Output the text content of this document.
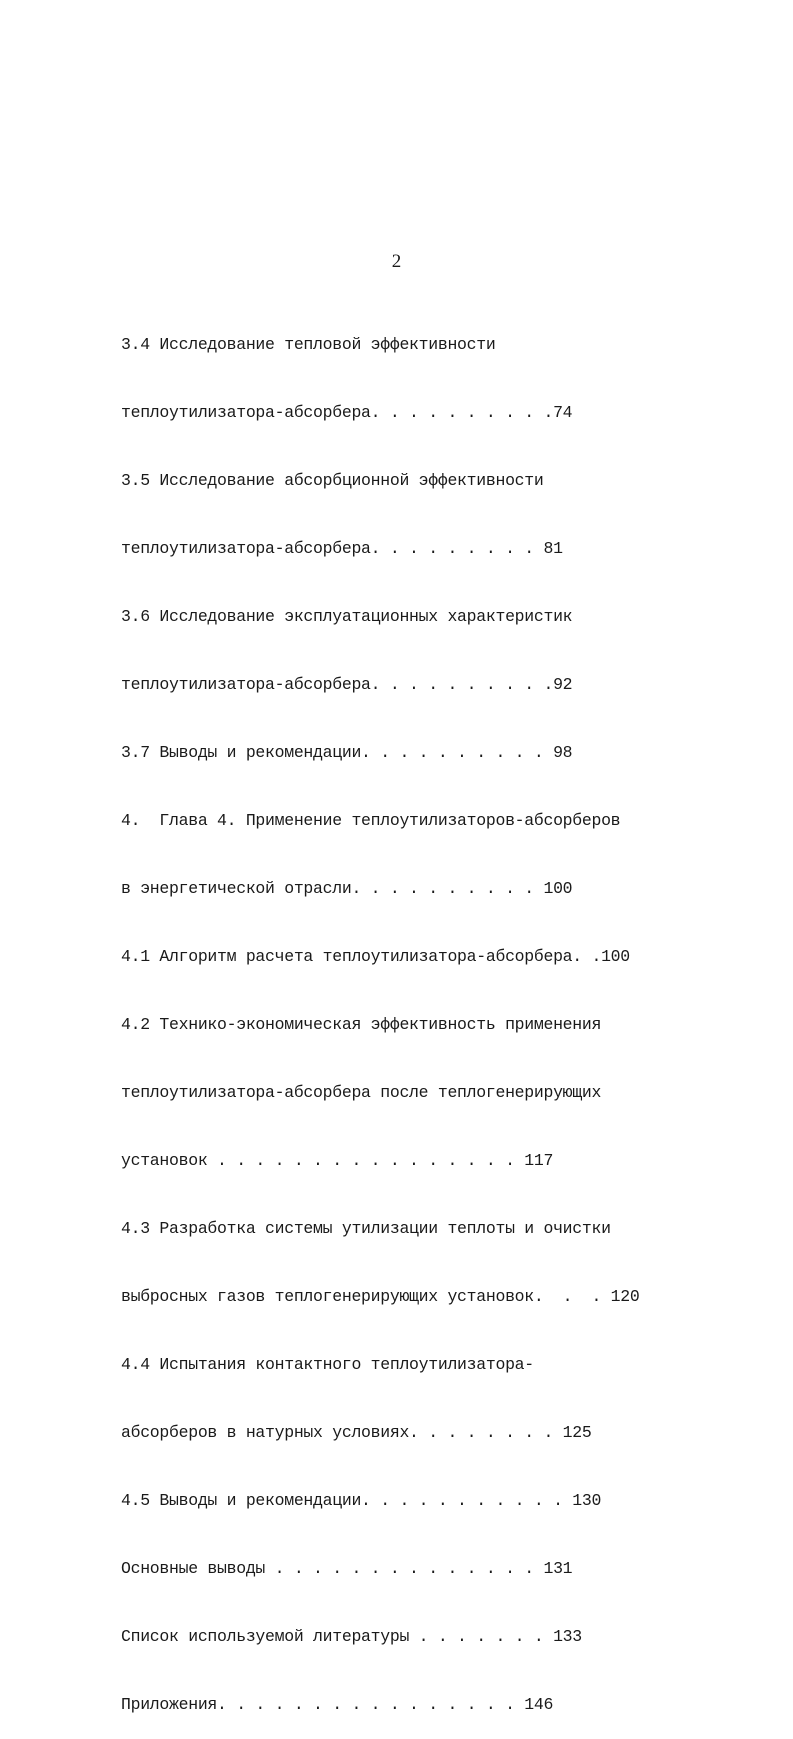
2

3.4 Исследование тепловой эффективности

теплоутилизатора-абсорбера. . . . . . . . . .74

3.5 Исследование абсорбционной эффективности

теплоутилизатора-абсорбера. . . . . . . . . 81

3.6 Исследование эксплуатационных характеристик

теплоутилизатора-абсорбера. . . . . . . . . .92

3.7 Выводы и рекомендации. . . . . . . . . . 98

4.  Глава 4. Применение теплоутилизаторов-абсорберов

в энергетической отрасли. . . . . . . . . . 100

4.1 Алгоритм расчета теплоутилизатора-абсорбера. .100

4.2 Технико-экономическая эффективность применения

теплоутилизатора-абсорбера после теплогенерирующих

установок . . . . . . . . . . . . . . . . 117

4.3 Разработка системы утилизации теплоты и очистки

выбросных газов теплогенерирующих установок.  .  . 120

4.4 Испытания контактного теплоутилизатора-

абсорберов в натурных условиях. . . . . . . . 125

4.5 Выводы и рекомендации. . . . . . . . . . . 130

Основные выводы . . . . . . . . . . . . . . 131

Список используемой литературы . . . . . . . 133

Приложения. . . . . . . . . . . . . . . . 146
